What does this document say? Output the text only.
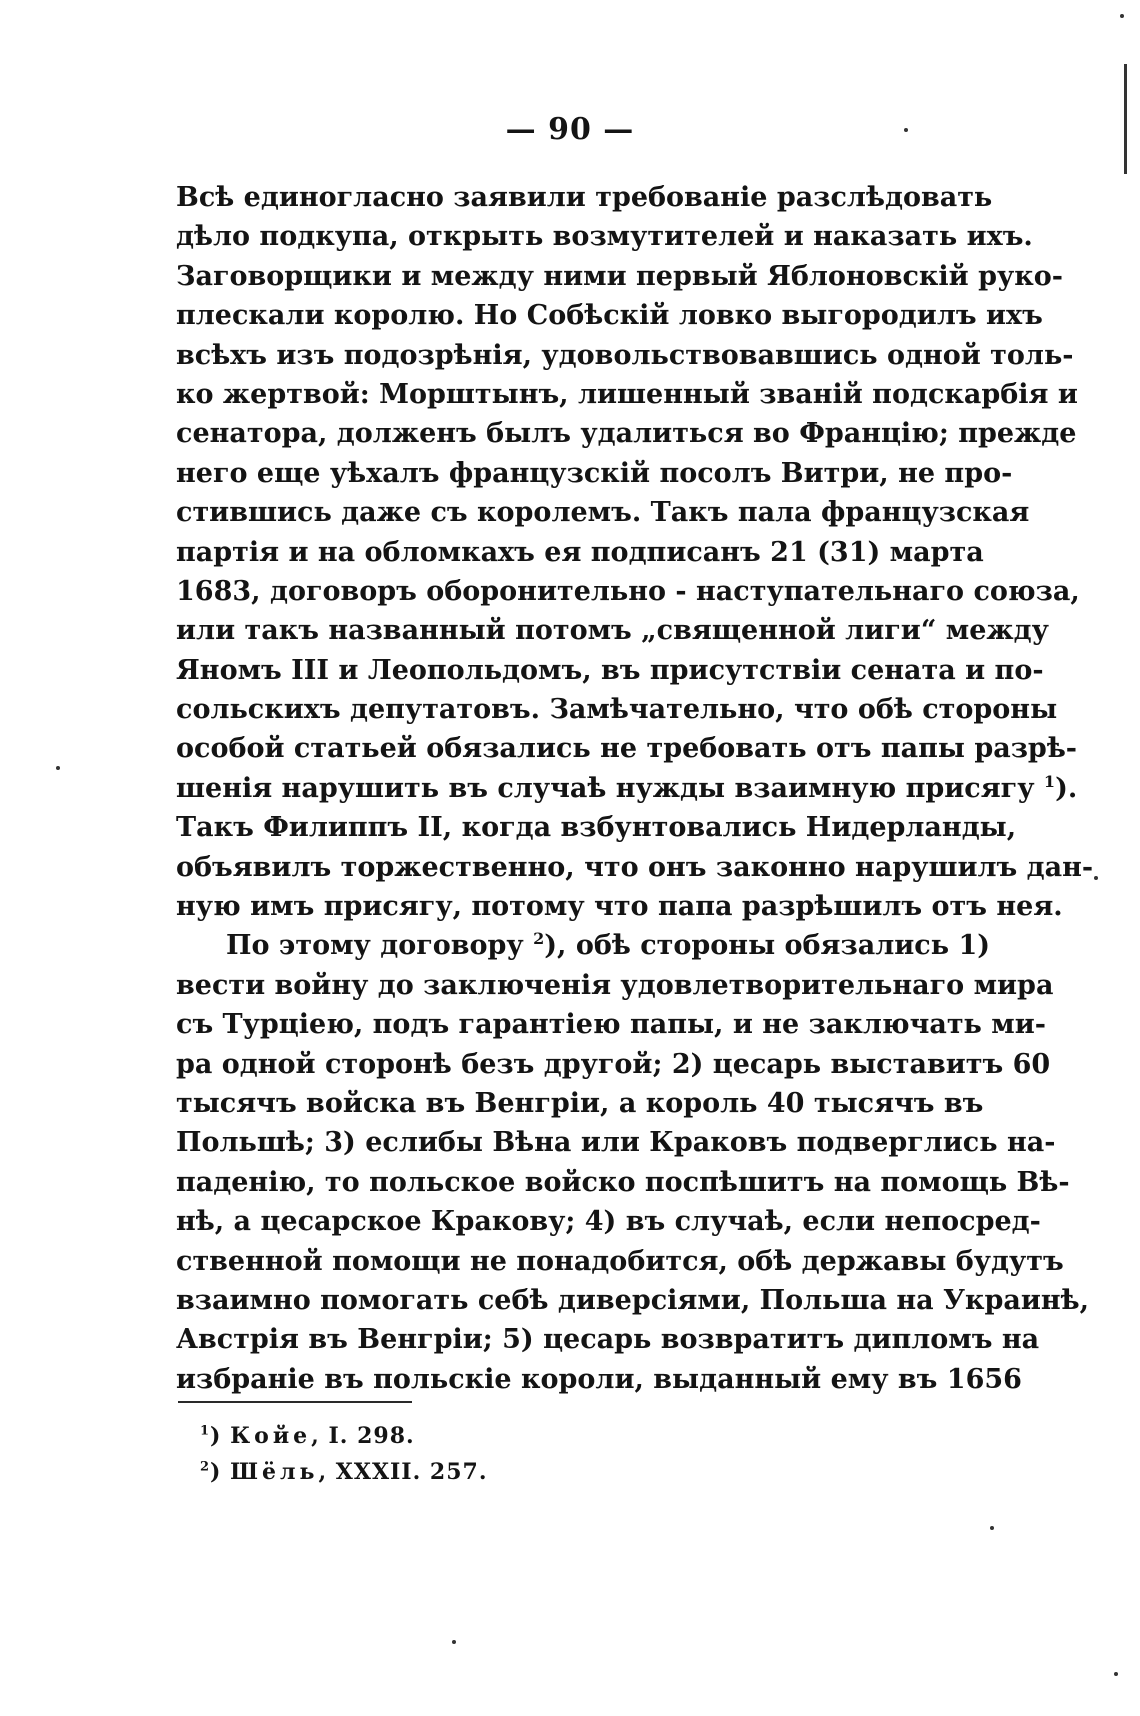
— 90 —
Всѣ единогласно заявили требованіе разслѣдовать
дѣло подкупа, открыть возмутителей и наказать ихъ.
Заговорщики и между ними первый Яблоновскій руко-
плескали королю. Но Собѣскій ловко выгородилъ ихъ
всѣхъ изъ подозрѣнія, удовольствовавшись одной толь-
ко жертвой: Морштынъ, лишенный званій подскарбія и
сенатора, долженъ былъ удалиться во Францію; прежде
него еще уѣхалъ французскій посолъ Витри, не про-
стившись даже съ королемъ. Такъ пала французская
партія и на обломкахъ ея подписанъ 21 (31) марта
1683, договоръ оборонительно - наступательнаго союза,
или такъ названный потомъ „священной лиги“ между
Яномъ III и Леопольдомъ, въ присутствіи сената и по-
сольскихъ депутатовъ. Замѣчательно, что обѣ стороны
особой статьей обязались не требовать отъ папы разрѣ-
шенія нарушить въ случаѣ нужды взаимную присягу $^1$).
Такъ Филиппъ II, когда взбунтовались Нидерланды,
объявилъ торжественно, что онъ законно нарушилъ дан-
ную имъ присягу, потому что папа разрѣшилъ отъ нея.
По этому договору $^2$), обѣ стороны обязались 1)
вести войну до заключенія удовлетворительнаго мира
съ Турціею, подъ гарантіею папы, и не заключать ми-
ра одной сторонѣ безъ другой; 2) цесарь выставитъ 60
тысячъ войска въ Венгріи, а король 40 тысячъ въ
Польшѣ; 3) еслибы Вѣна или Краковъ подверглись на-
паденію, то польское войско поспѣшитъ на помощь Вѣ-
нѣ, а цесарское Кракову; 4) въ случаѣ, если непосред-
ственной помощи не понадобится, обѣ державы будутъ
взаимно помогать себѣ диверсіями, Польша на Украинѣ,
Австрія въ Венгріи; 5) цесарь возвратитъ дипломъ на
избраніе въ польскіе короли, выданный ему въ 1656
$^1$) Койе, I. 298.
$^2$) Шёль, XXXII. 257.
